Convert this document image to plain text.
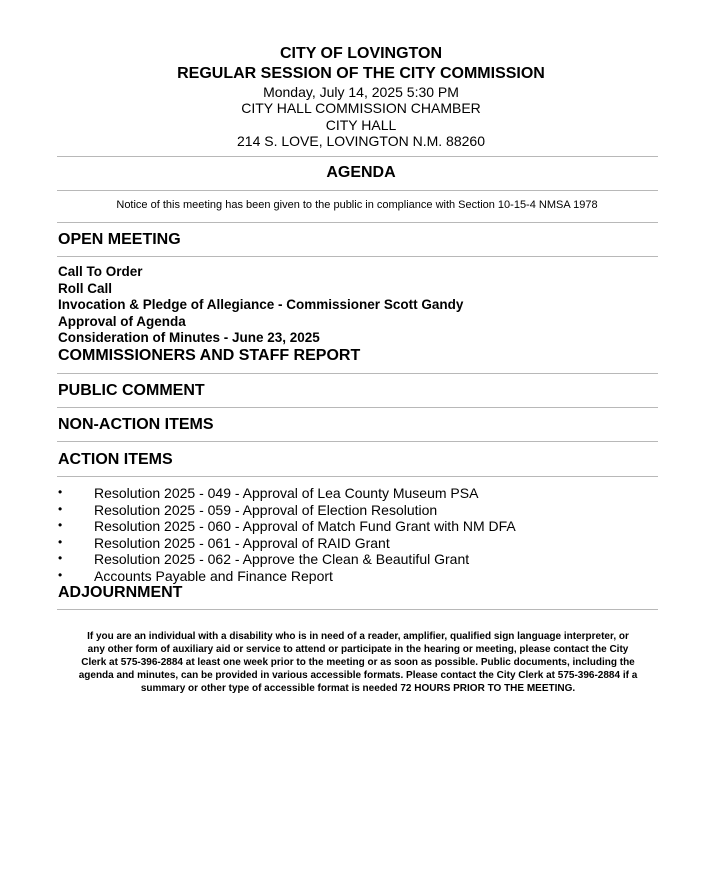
CITY OF LOVINGTON
REGULAR SESSION OF THE CITY COMMISSION
Monday, July 14, 2025 5:30 PM
CITY HALL COMMISSION CHAMBER
CITY HALL
214 S. LOVE, LOVINGTON N.M. 88260
AGENDA
Notice of this meeting has been given to the public in compliance with Section 10-15-4 NMSA 1978
OPEN MEETING
Call To Order
Roll Call
Invocation & Pledge of Allegiance - Commissioner Scott Gandy
Approval of Agenda
Consideration of Minutes - June 23, 2025
COMMISSIONERS AND STAFF REPORT
PUBLIC COMMENT
NON-ACTION ITEMS
ACTION ITEMS
• Resolution 2025 - 049 - Approval of Lea County Museum PSA
• Resolution 2025 - 059 - Approval of Election Resolution
• Resolution 2025 - 060 - Approval of Match Fund Grant with NM DFA
• Resolution 2025 - 061 - Approval of RAID Grant
• Resolution 2025 - 062 - Approve the Clean & Beautiful Grant
• Accounts Payable and Finance Report
ADJOURNMENT
If you are an individual with a disability who is in need of a reader, amplifier, qualified sign language interpreter, or
any other form of auxiliary aid or service to attend or participate in the hearing or meeting, please contact the City
Clerk at 575-396-2884 at least one week prior to the meeting or as soon as possible. Public documents, including the
agenda and minutes, can be provided in various accessible formats. Please contact the City Clerk at 575-396-2884 if a
summary or other type of accessible format is needed 72 HOURS PRIOR TO THE MEETING.
